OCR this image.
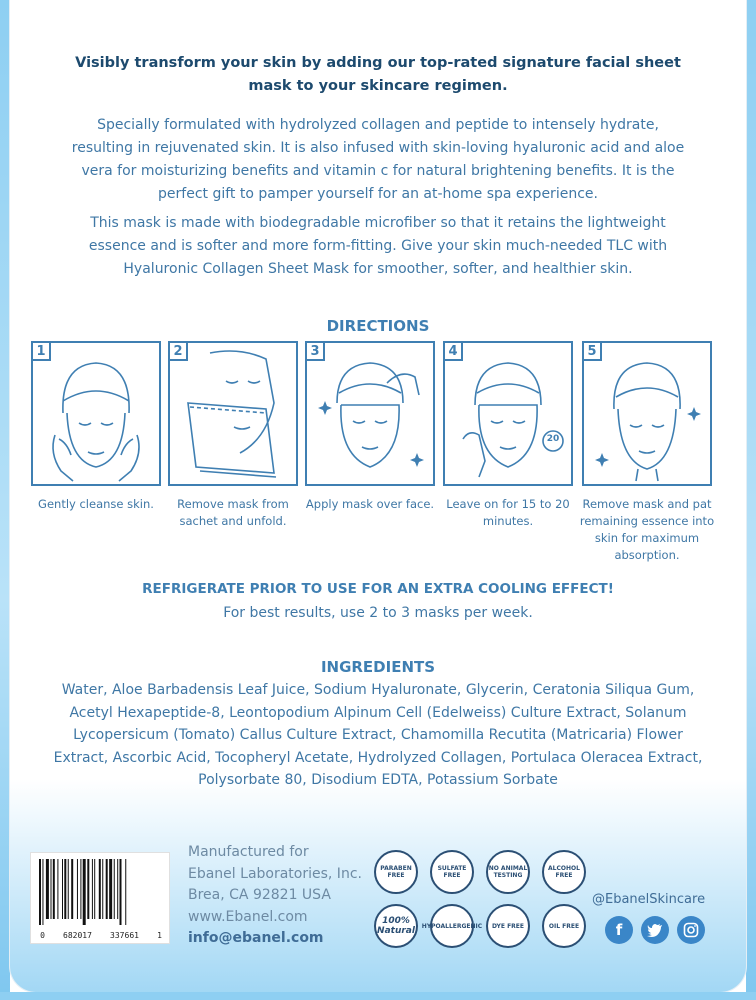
Visibly transform your skin by adding our top-rated signature facial sheet mask to your skincare regimen.
Specially formulated with hydrolyzed collagen and peptide to intensely hydrate, resulting in rejuvenated skin. It is also infused with skin-loving hyaluronic acid and aloe vera for moisturizing benefits and vitamin c for natural brightening benefits. It is the perfect gift to pamper yourself for an at-home spa experience.
This mask is made with biodegradable microfiber so that it retains the lightweight essence and is softer and more form-fitting. Give your skin much-needed TLC with Hyaluronic Collagen Sheet Mask for smoother, softer, and healthier skin.
DIRECTIONS
1
Gently cleanse skin.
2
Remove mask from sachet and unfold.
3
Apply mask over face.
20
4
Leave on for 15 to 20 minutes.
5
Remove mask and pat remaining essence into skin for maximum absorption.
REFRIGERATE PRIOR TO USE FOR AN EXTRA COOLING EFFECT!
For best results, use 2 to 3 masks per week.
INGREDIENTS
Water, Aloe Barbadensis Leaf Juice, Sodium Hyaluronate, Glycerin, Ceratonia Siliqua Gum, Acetyl Hexapeptide-8, Leontopodium Alpinum Cell (Edelweiss) Culture Extract, Solanum Lycopersicum (Tomato) Callus Culture Extract, Chamomilla Recutita (Matricaria) Flower Extract, Ascorbic Acid, Tocopheryl Acetate, Hydrolyzed Collagen, Portulaca Oleracea Extract, Polysorbate 80, Disodium EDTA, Potassium Sorbate
0 682017 337661 1
Manufactured for
Ebanel Laboratories, Inc.
Brea, CA 92821 USA
www.Ebanel.com
info@ebanel.com
PARABEN FREE
SULFATE FREE
NO ANIMAL TESTING
ALCOHOL FREE
100% Natural	HYPOALLERGENIC	DYE FREE	OIL FREE
@EbanelSkincare
f
